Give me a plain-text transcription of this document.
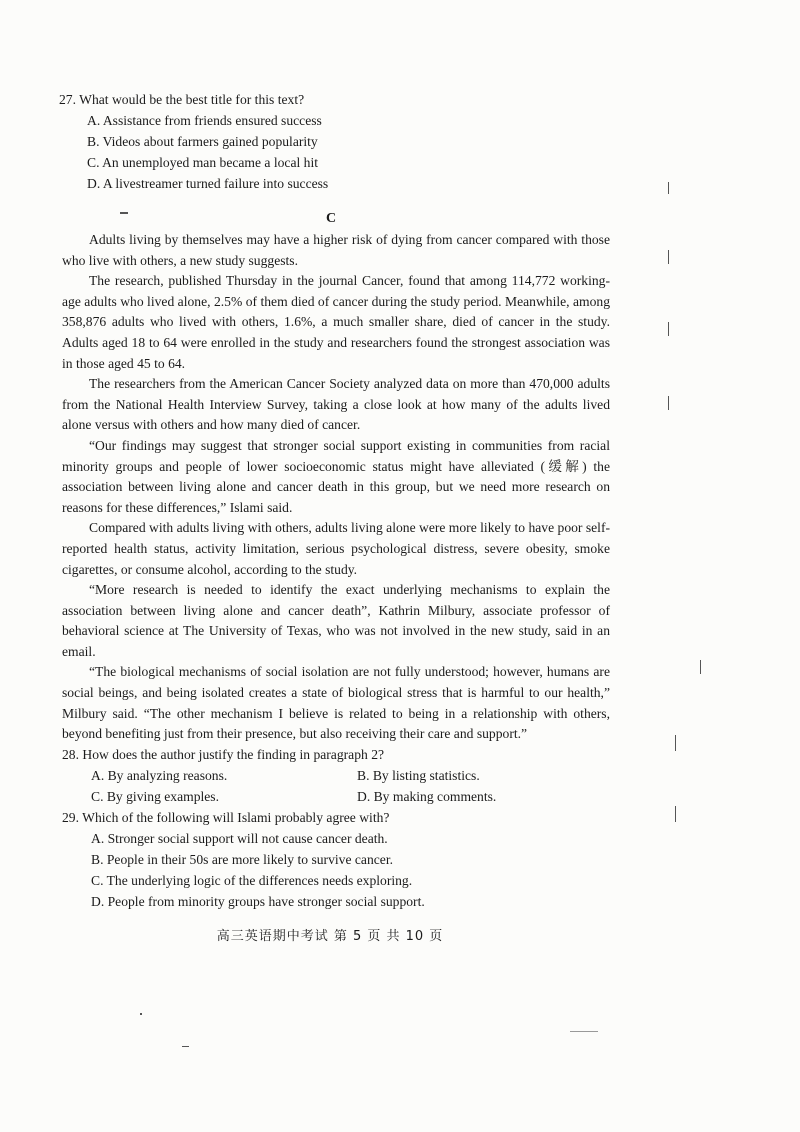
27. What would be the best title for this text?

A. Assistance from friends ensured success

B. Videos about farmers gained popularity

C. An unemployed man became a local hit

D. A livestreamer turned failure into success

C

Adults living by themselves may have a higher risk of dying from cancer compared with those who live with others, a new study suggests.

The research, published Thursday in the journal Cancer, found that among 114,772 working-age adults who lived alone, 2.5% of them died of cancer during the study period. Meanwhile, among 358,876 adults who lived with others, 1.6%, a much smaller share, died of cancer in the study. Adults aged 18 to 64 were enrolled in the study and researchers found the strongest association was in those aged 45 to 64.

The researchers from the American Cancer Society analyzed data on more than 470,000 adults from the National Health Interview Survey, taking a close look at how many of the adults lived alone versus with others and how many died of cancer.

“Our findings may suggest that stronger social support existing in communities from racial minority groups and people of lower socioeconomic status might have alleviated (缓解) the association between living alone and cancer death in this group, but we need more research on reasons for these differences,” Islami said.

Compared with adults living with others, adults living alone were more likely to have poor self-reported health status, activity limitation, serious psychological distress, severe obesity, smoke cigarettes, or consume alcohol, according to the study.

“More research is needed to identify the exact underlying mechanisms to explain the association between living alone and cancer death”, Kathrin Milbury, associate professor of behavioral science at The University of Texas, who was not involved in the new study, said in an email.

“The biological mechanisms of social isolation are not fully understood; however, humans are social beings, and being isolated creates a state of biological stress that is harmful to our health,” Milbury said. “The other mechanism I believe is related to being in a relationship with others, beyond benefiting just from their presence, but also receiving their care and support.”

28. How does the author justify the finding in paragraph 2?

A. By analyzing reasons.	B. By listing statistics.

C. By giving examples.	D. By making comments.

29. Which of the following will Islami probably agree with?

A. Stronger social support will not cause cancer death.

B. People in their 50s are more likely to survive cancer.

C. The underlying logic of the differences needs exploring.

D. People from minority groups have stronger social support.

高三英语期中考试 第 5 页 共 10 页
